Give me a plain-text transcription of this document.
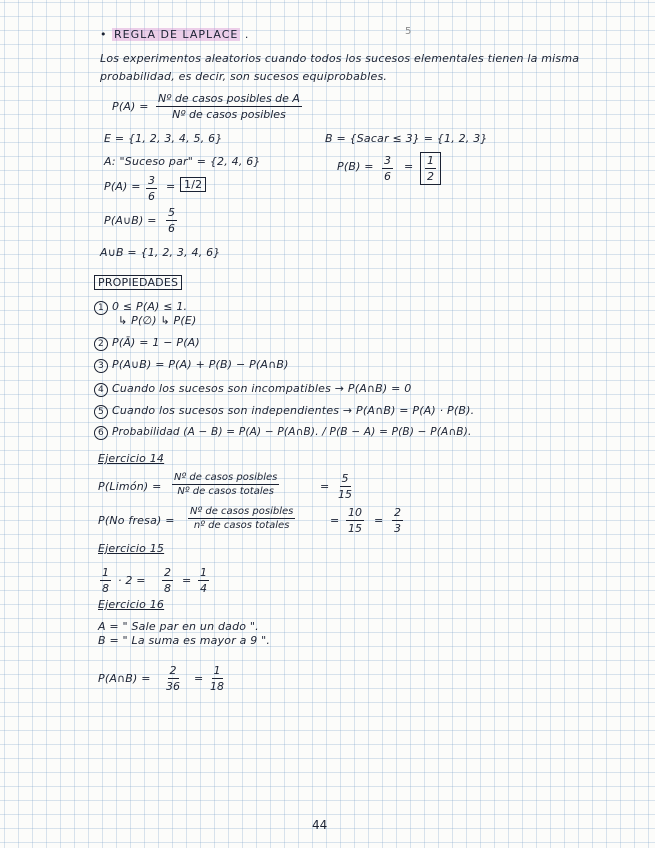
5
• REGLA DE LAPLACE .
Los experimentos aleatorios cuando todos los sucesos elementales tienen la misma
probabilidad, es decir, son sucesos equiprobables.
P(A) =
Nº de casos posibles de A
Nº de casos posibles
E = {1, 2, 3, 4, 5, 6}	B = {Sacar ≤ 3} = {1, 2, 3}
A: "Suceso par" = {2, 4, 6}	$P(B) = \frac{3}{6} = \frac{1}{2}$
$P(A) = \frac{3}{6} = 1/2$
P(A∪B) = $\frac{5}{6}$
A∪B = {1, 2, 3, 4, 6}
PROPIEDADES
1 0 ≤ P(A) ≤ 1.
↳ P(∅) ↳ P(E)
2 P(Ā) = 1 − P(A)
3 P(A∪B) = P(A) + P(B) − P(A∩B)
4 Cuando los sucesos son incompatibles → P(A∩B) = 0
5 Cuando los sucesos son independientes → P(A∩B) = P(A) · P(B).
6 Probabilidad (A − B) = P(A) − P(A∩B). / P(B − A) = P(B) − P(A∩B).
Ejercicio 14
P(Limón) =
Nº de casos posibles
Nº de casos totales	= $\frac{5}{15}$
P(No fresa) =
Nº de casos posibles
nº de casos totales	= $\frac{10}{15} = \frac{2}{3}$
Ejercicio 15
$\frac{1}{8} \cdot 2 = \frac{2}{8} = \frac{1}{4}$
Ejercicio 16
A = " Sale par en un dado ".
B = " La suma es mayor a 9 ".
P(A∩B) = $\frac{2}{36} = \frac{1}{18}$
44
